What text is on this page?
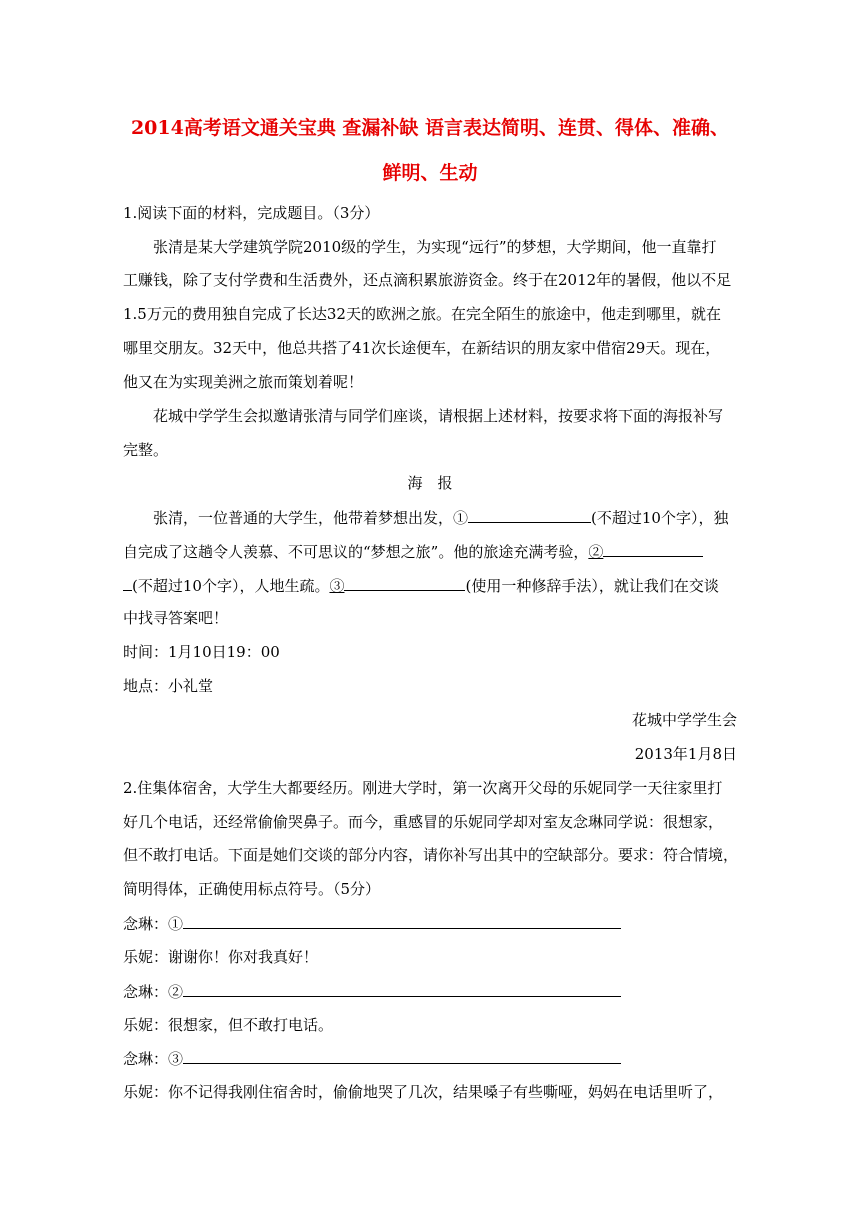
2014高考语文通关宝典 查漏补缺 语言表达简明、连贯、得体、准确、
鲜明、生动
1.阅读下面的材料，完成题目。（3分）
张清是某大学建筑学院2010级的学生，为实现“远行”的梦想，大学期间，他一直靠打
工赚钱，除了支付学费和生活费外，还点滴积累旅游资金。终于在2012年的暑假，他以不足
1.5万元的费用独自完成了长达32天的欧洲之旅。在完全陌生的旅途中，他走到哪里，就在
哪里交朋友。32天中，他总共搭了41次长途便车，在新结识的朋友家中借宿29天。现在，
他又在为实现美洲之旅而策划着呢！
花城中学学生会拟邀请张清与同学们座谈，请根据上述材料，按要求将下面的海报补写
完整。
海　报
张清，一位普通的大学生，他带着梦想出发，①	(不超过10个字），独
自完成了这趟令人羡慕、不可思议的“梦想之旅”。他的旅途充满考验，②
(不超过10个字），人地生疏。③	(使用一种修辞手法），就让我们在交谈
中找寻答案吧！
时间：1月10日19：00
地点：小礼堂
花城中学学生会
2013年1月8日
2.住集体宿舍，大学生大都要经历。刚进大学时，第一次离开父母的乐妮同学一天往家里打
好几个电话，还经常偷偷哭鼻子。而今，重感冒的乐妮同学却对室友念琳同学说：很想家，
但不敢打电话。下面是她们交谈的部分内容，请你补写出其中的空缺部分。要求：符合情境，
简明得体，正确使用标点符号。（5分）
念琳：①
乐妮：谢谢你！你对我真好！
念琳：②
乐妮：很想家，但不敢打电话。
念琳：③
乐妮：你不记得我刚住宿舍时，偷偷地哭了几次，结果嗓子有些嘶哑，妈妈在电话里听了，
